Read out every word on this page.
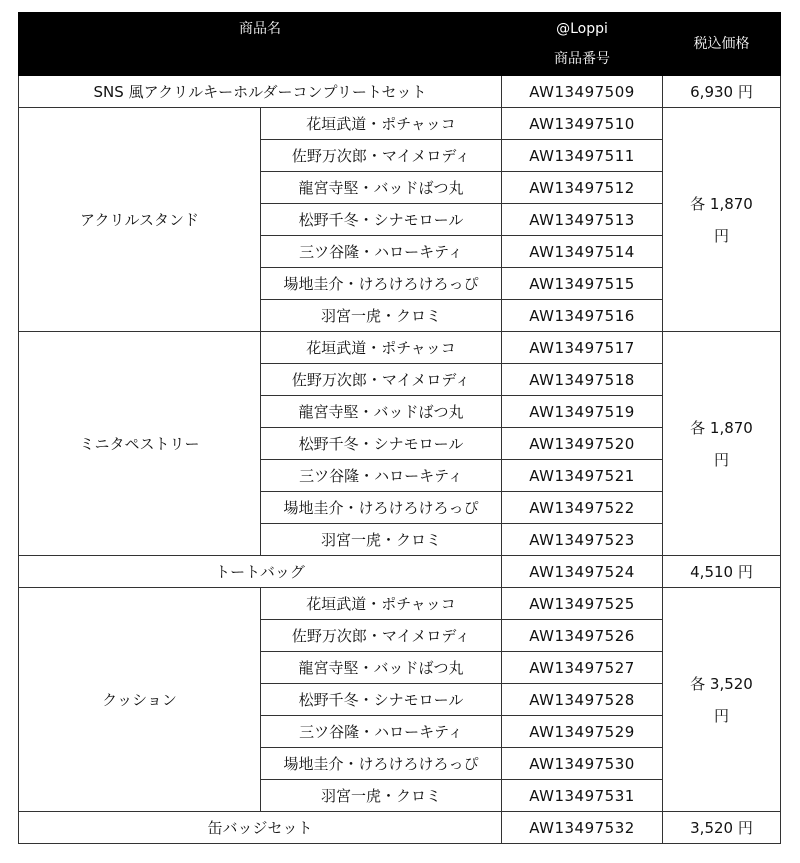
商品名		@Loppi
商品番号	税込価格
SNS 風アクリルキーホルダーコンプリートセット		AW13497509	6,930 円
アクリルスタンド	花垣武道・ポチャッコ	AW13497510	各 1,870
円

	佐野万次郎・マイメロディ	AW13497511	
	龍宮寺堅・バッドばつ丸	AW13497512	
	松野千冬・シナモロール	AW13497513	
	三ツ谷隆・ハローキティ	AW13497514	
	場地圭介・けろけろけろっぴ	AW13497515	
	羽宮一虎・クロミ	AW13497516	
ミニタペストリー	花垣武道・ポチャッコ	AW13497517	各 1,870
円

	佐野万次郎・マイメロディ	AW13497518	
	龍宮寺堅・バッドばつ丸	AW13497519	
	松野千冬・シナモロール	AW13497520	
	三ツ谷隆・ハローキティ	AW13497521	
	場地圭介・けろけろけろっぴ	AW13497522	
	羽宮一虎・クロミ	AW13497523	
トートバッグ		AW13497524	4,510 円
クッション	花垣武道・ポチャッコ	AW13497525	各 3,520
円

	佐野万次郎・マイメロディ	AW13497526	
	龍宮寺堅・バッドばつ丸	AW13497527	
	松野千冬・シナモロール	AW13497528	
	三ツ谷隆・ハローキティ	AW13497529	
	場地圭介・けろけろけろっぴ	AW13497530	
	羽宮一虎・クロミ	AW13497531	
缶バッジセット		AW13497532	3,520 円
